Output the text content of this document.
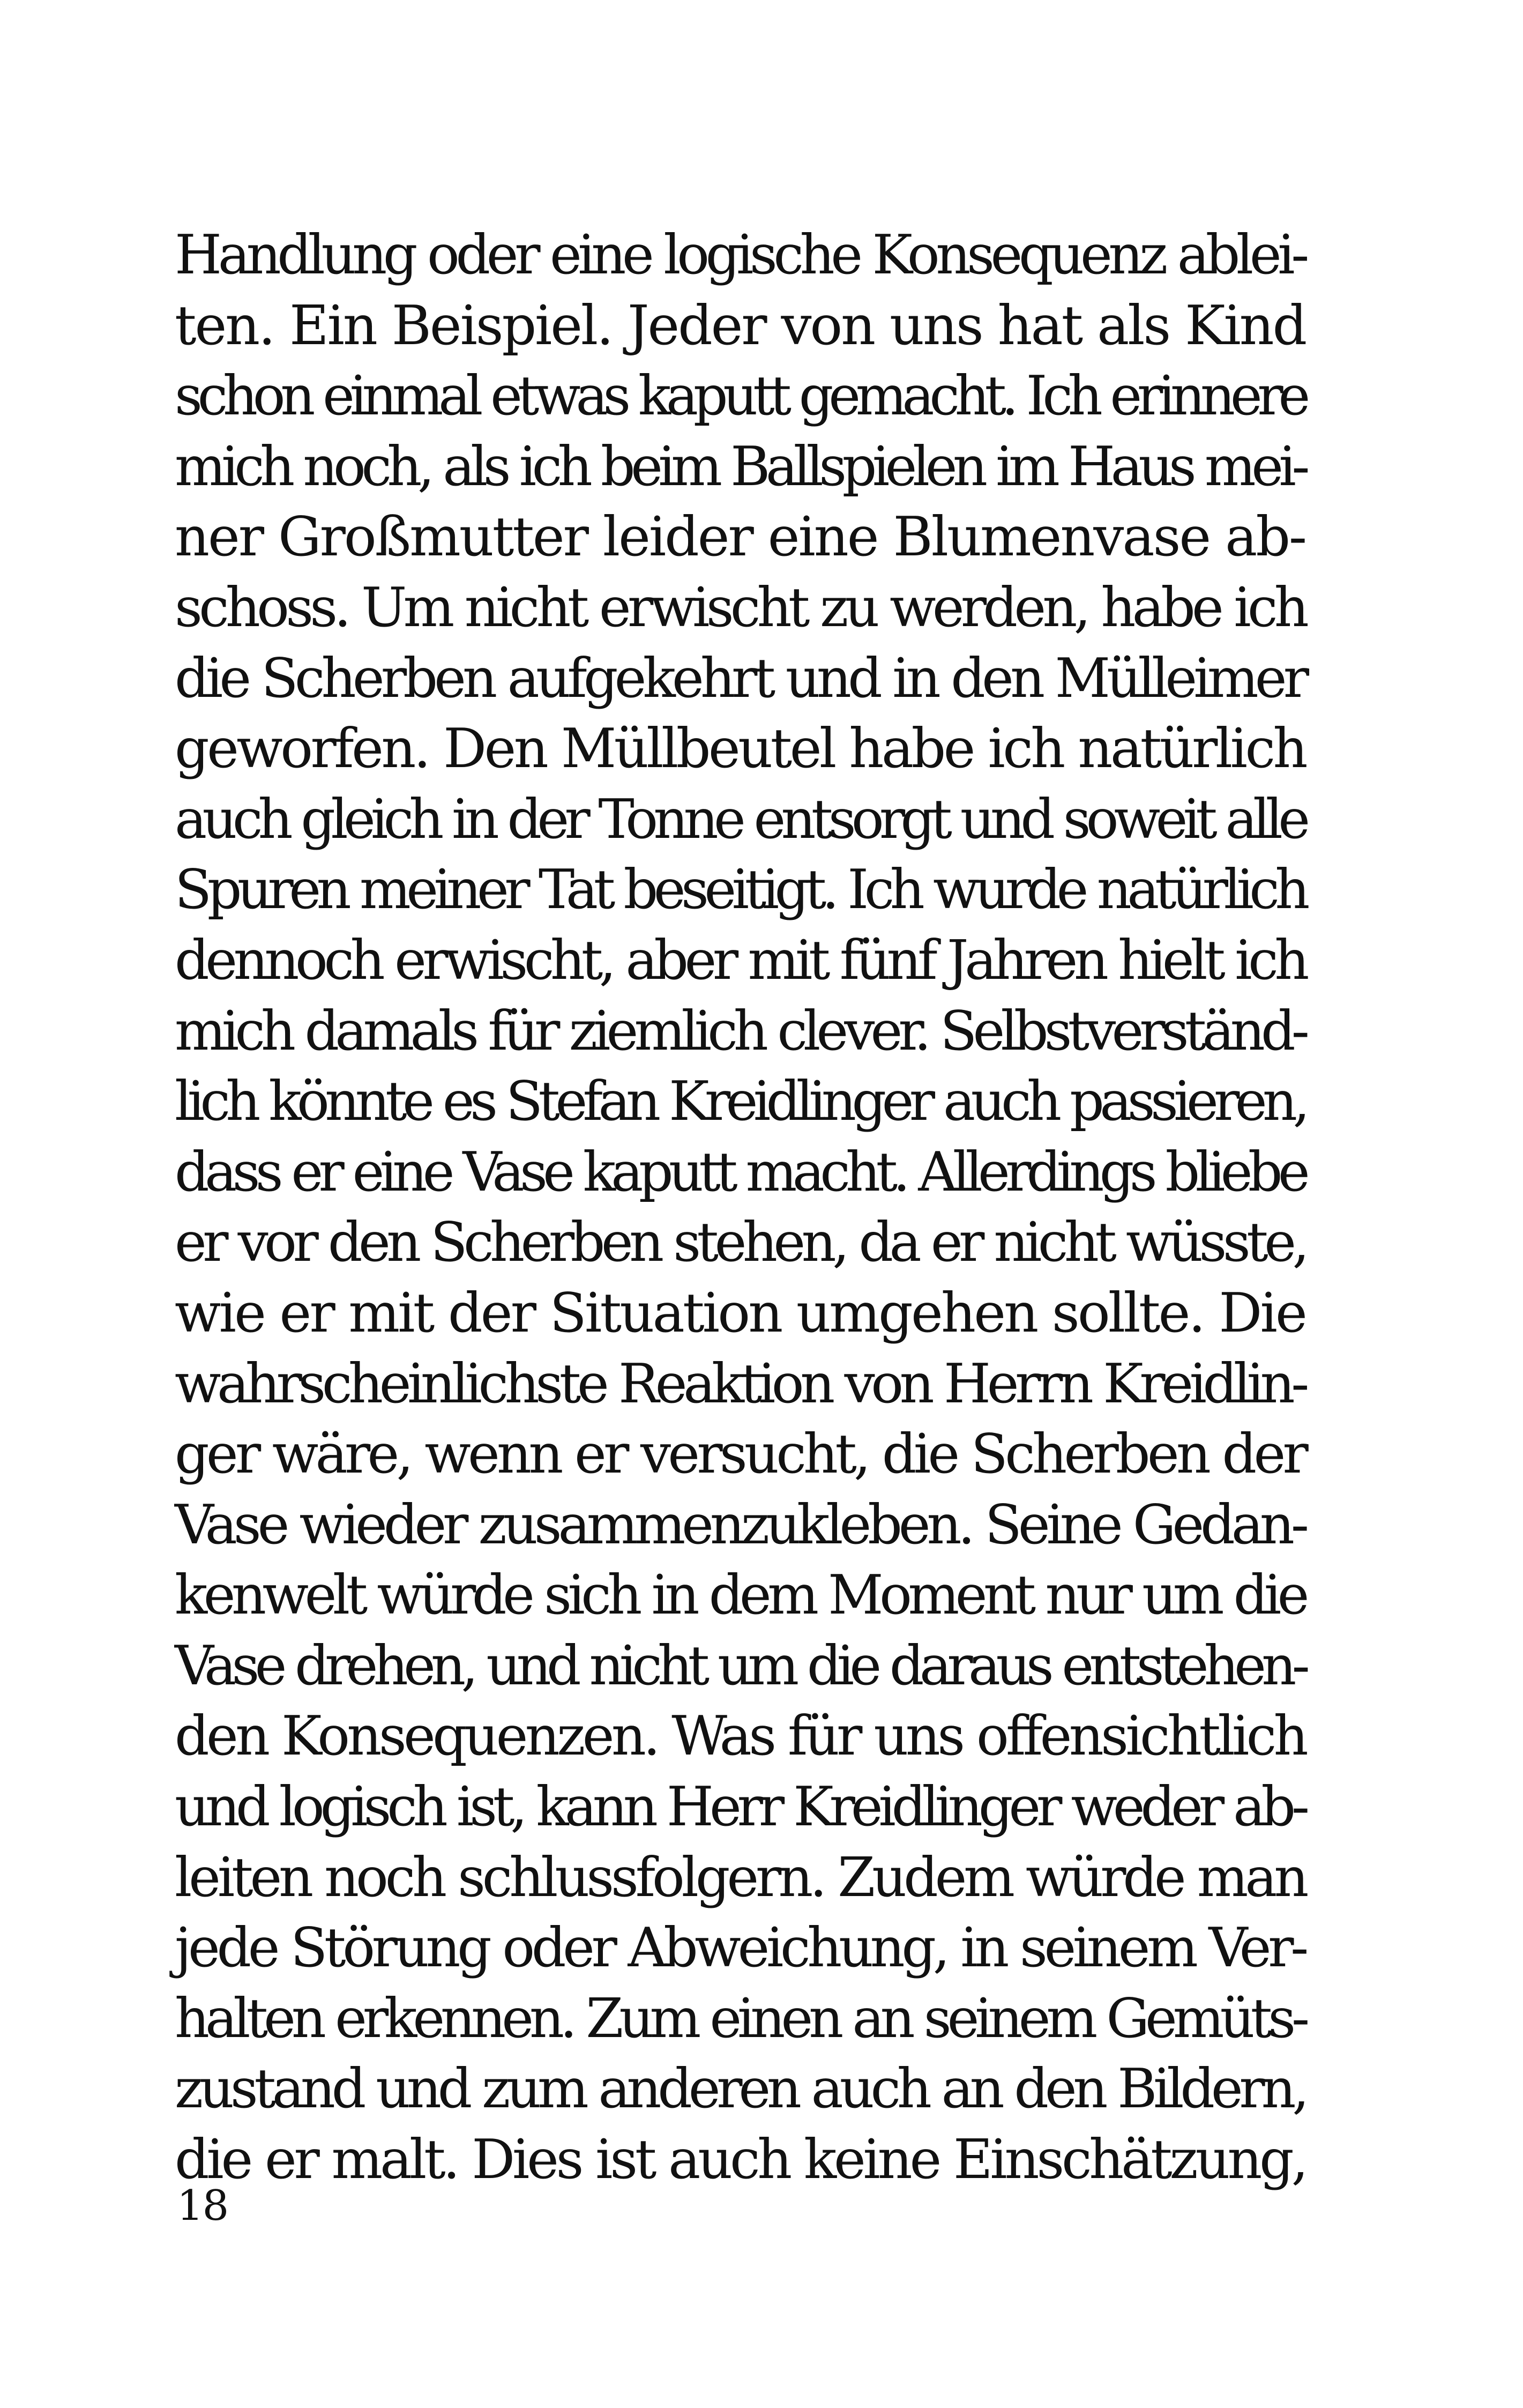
Handlung oder eine logische Konsequenz ablei-
ten. Ein Beispiel. Jeder von uns hat als Kind
schon einmal etwas kaputt gemacht. Ich erinnere
mich noch, als ich beim Ballspielen im Haus mei-
ner Großmutter leider eine Blumenvase ab-
schoss. Um nicht erwischt zu werden, habe ich
die Scherben aufgekehrt und in den Mülleimer
geworfen. Den Müllbeutel habe ich natürlich
auch gleich in der Tonne entsorgt und soweit alle
Spuren meiner Tat beseitigt. Ich wurde natürlich
dennoch erwischt, aber mit fünf Jahren hielt ich
mich damals für ziemlich clever. Selbstverständ-
lich könnte es Stefan Kreidlinger auch passieren,
dass er eine Vase kaputt macht. Allerdings bliebe
er vor den Scherben stehen, da er nicht wüsste,
wie er mit der Situation umgehen sollte. Die
wahrscheinlichste Reaktion von Herrn Kreidlin-
ger wäre, wenn er versucht, die Scherben der
Vase wieder zusammenzukleben. Seine Gedan-
kenwelt würde sich in dem Moment nur um die
Vase drehen, und nicht um die daraus entstehen-
den Konsequenzen. Was für uns offensichtlich
und logisch ist, kann Herr Kreidlinger weder ab-
leiten noch schlussfolgern. Zudem würde man
jede Störung oder Abweichung, in seinem Ver-
halten erkennen. Zum einen an seinem Gemüts-
zustand und zum anderen auch an den Bildern,
die er malt. Dies ist auch keine Einschätzung,
18
